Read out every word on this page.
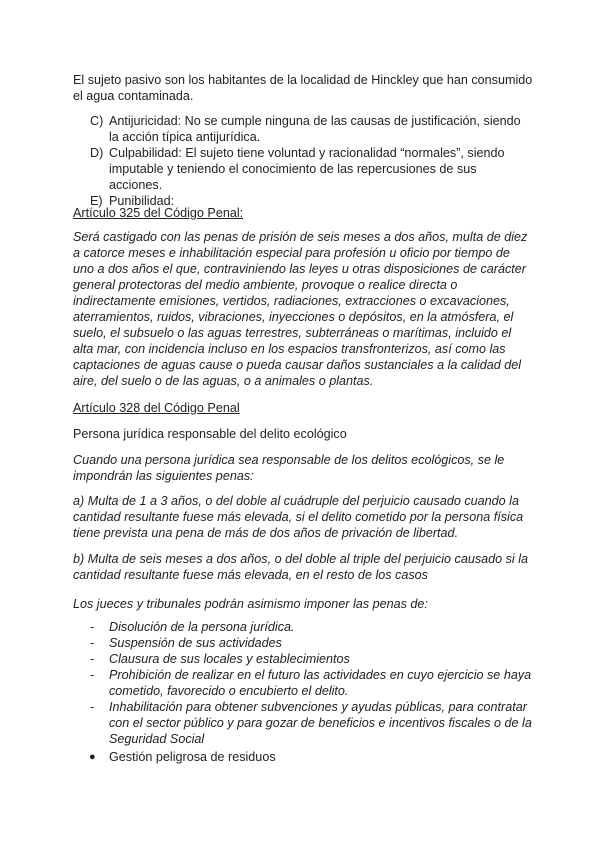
El sujeto pasivo son los habitantes de la localidad de Hinckley que han consumido el agua contaminada.

C) Antijuricidad: No se cumple ninguna de las causas de justificación, siendo la acción típica antijurídica.
D) Culpabilidad: El sujeto tiene voluntad y racionalidad “normales”, siendo imputable y teniendo el conocimiento de las repercusiones de sus acciones.
E) Punibilidad:

Artículo 325 del Código Penal:

Será castigado con las penas de prisión de seis meses a dos años, multa de diez a catorce meses e inhabilitación especial para profesión u oficio por tiempo de uno a dos años el que, contraviniendo las leyes u otras disposiciones de carácter general protectoras del medio ambiente, provoque o realice directa o indirectamente emisiones, vertidos, radiaciones, extracciones o excavaciones, aterramientos, ruidos, vibraciones, inyecciones o depósitos, en la atmósfera, el suelo, el subsuelo o las aguas terrestres, subterráneas o marítimas, incluido el alta mar, con incidencia incluso en los espacios transfronterizos, así como las captaciones de aguas cause o pueda causar daños sustanciales a la calidad del aire, del suelo o de las aguas, o a animales o plantas.

Artículo 328 del Código Penal

Persona jurídica responsable del delito ecológico

Cuando una persona jurídica sea responsable de los delitos ecológicos, se le impondrán las siguientes penas:

a) Multa de 1 a 3 años, o del doble al cuádruple del perjuicio causado cuando la cantidad resultante fuese más elevada, si el delito cometido por la persona física tiene prevista una pena de más de dos años de privación de libertad.

b) Multa de seis meses a dos años, o del doble al triple del perjuicio causado si la cantidad resultante fuese más elevada, en el resto de los casos

Los jueces y tribunales podrán asimismo imponer las penas de:

- Disolución de la persona jurídica.
- Suspensión de sus actividades
- Clausura de sus locales y establecimientos
- Prohibición de realizar en el futuro las actividades en cuyo ejercicio se haya cometido, favorecido o encubierto el delito.
- Inhabilitación para obtener subvenciones y ayudas públicas, para contratar con el sector público y para gozar de beneficios e incentivos fiscales o de la Seguridad Social
● Gestión peligrosa de residuos
